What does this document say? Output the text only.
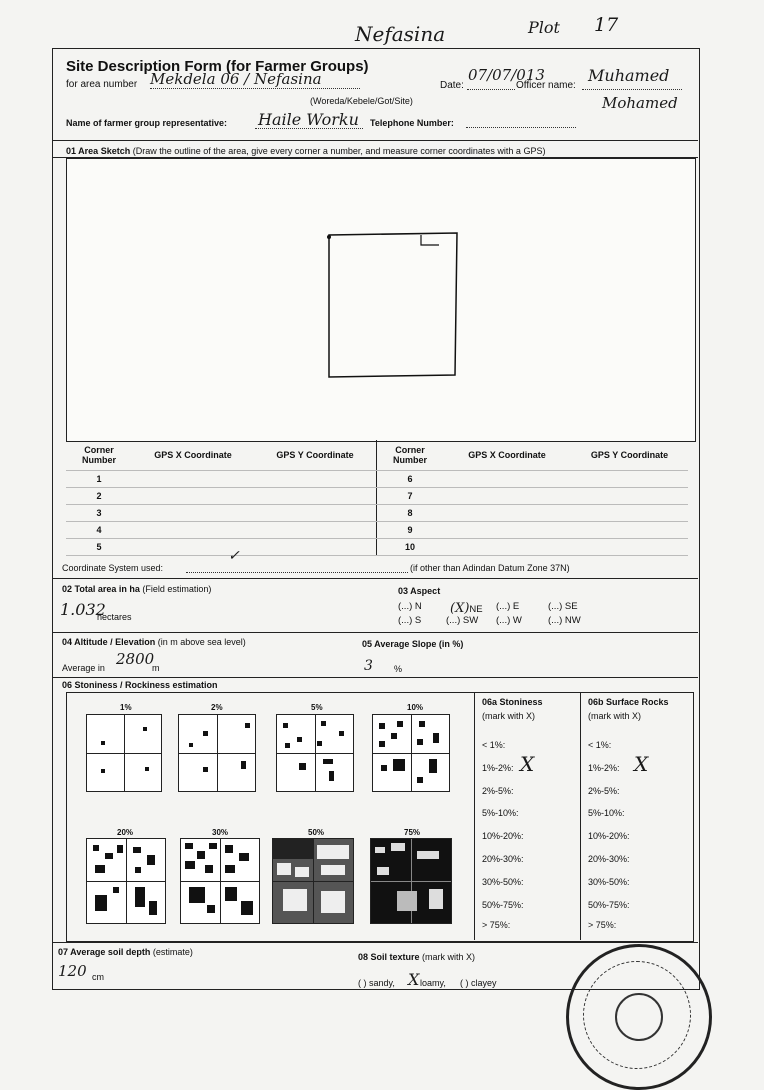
Nefasina	Plot 17
Site Description Form (for Farmer Groups)
for area number Mekdela 06 / Nefasina
(Woreda/Kebele/Got/Site)
Date:
07/07/013
Officer name:
Muhamed
Mohamed
Name of farmer group representative: Haile Worku Telephone Number:
01 Area Sketch (Draw the outline of the area, give every corner a number, and measure corner coordinates with a GPS)
Corner Number	GPS X Coordinate	GPS Y Coordinate	Corner Number	GPS X Coordinate	GPS Y Coordinate
1			6		
2			7		
3			8		
4			9		
5			10		
Coordinate System used:
✓
(if other than Adindan Datum Zone 37N)
02 Total area in ha (Field estimation)
1.032
hectares
03 Aspect
(...) N (X)NE (...) E	(...) SE
(...) S	(...) SW (...) W	(...) NW
04 Altitude / Elevation (in m above sea level)
Average in 2800
m
05 Average Slope (in %)
3 %
06 Stoniness / Rockiness estimation
1%	2%	5%	10%
20%	30%	50%	75%
06a Stoniness
(mark with X)
< 1%:
1%-2%: X
2%-5%:
5%-10%:
10%-20%:
20%-30%:
30%-50%:
50%-75%:
> 75%:
06b Surface Rocks
(mark with X)
< 1%:
1%-2%: X
2%-5%:
5%-10%:
10%-20%:
20%-30%:
30%-50%:
50%-75%:
> 75%:
07 Average soil depth (estimate)
120 cm
08 Soil texture (mark with X)
( ) sandy, X loamy, ( ) clayey
